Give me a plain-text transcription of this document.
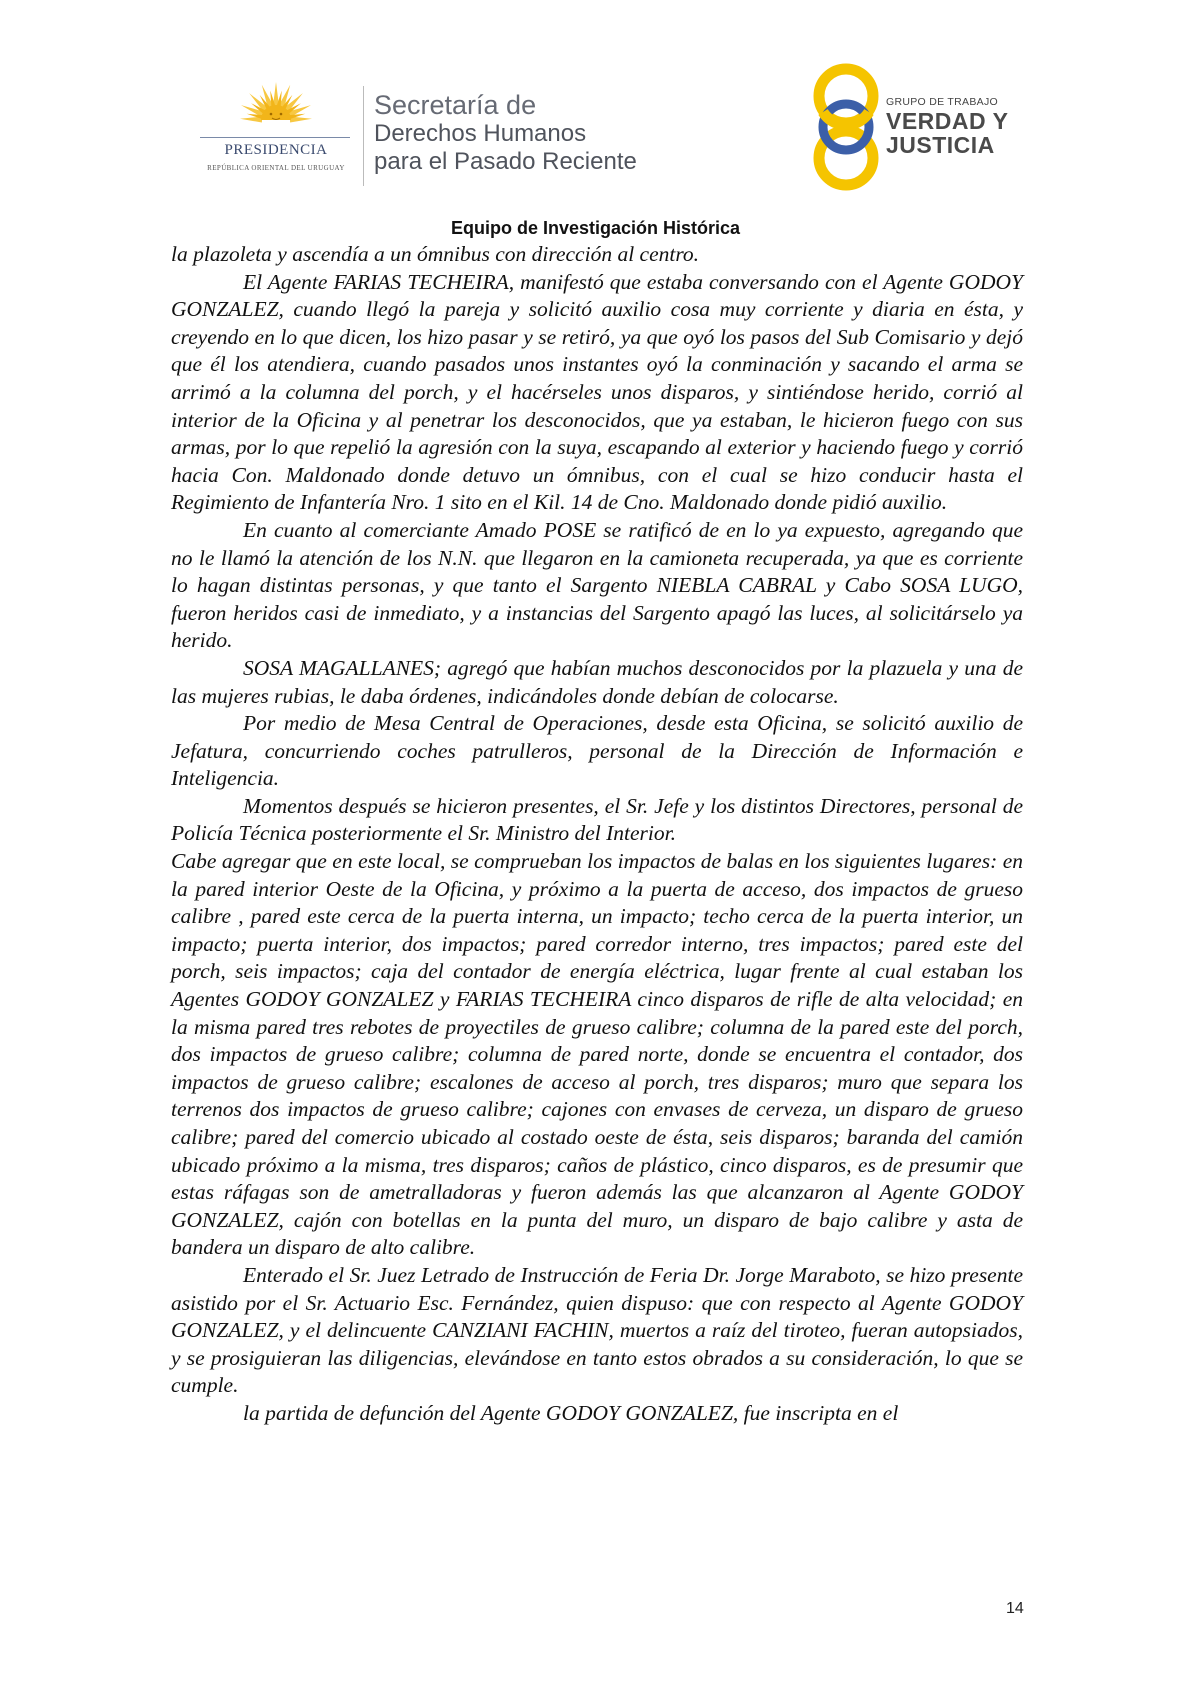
PRESIDENCIA
REPÚBLICA ORIENTAL DEL URUGUAY
Secretaría de
Derechos Humanos
para el Pasado Reciente
GRUPO DE TRABAJO
VERDAD Y
JUSTICIA
Equipo de Investigación Histórica

la plazoleta y ascendía a un ómnibus con dirección al centro.

El Agente FARIAS TECHEIRA, manifestó que estaba conversando con el Agente GODOY GONZALEZ, cuando llegó la pareja y solicitó auxilio cosa muy corriente y diaria en ésta, y creyendo en lo que dicen, los hizo pasar y se retiró, ya que oyó los pasos del Sub Comisario y dejó que él los atendiera, cuando pasados unos instantes oyó la conminación y sacando el arma se arrimó a la columna del porch, y el hacérseles unos disparos, y sintiéndose herido, corrió al interior de la Oficina y al penetrar los desconocidos, que ya estaban, le hicieron fuego con sus armas, por lo que repelió la agresión con la suya, escapando al exterior y haciendo fuego y corrió hacia Con. Maldonado donde detuvo un ómnibus, con el cual se hizo conducir hasta el Regimiento de Infantería Nro. 1 sito en el Kil. 14 de Cno. Maldonado donde pidió auxilio.

En cuanto al comerciante Amado POSE se ratificó de en lo ya expuesto, agregando que no le llamó la atención de los N.N. que llegaron en la camioneta recuperada, ya que es corriente lo hagan distintas personas, y que tanto el Sargento NIEBLA CABRAL y Cabo SOSA LUGO, fueron heridos casi de inmediato, y a instancias del Sargento apagó las luces, al solicitárselo ya herido.

SOSA MAGALLANES; agregó que habían muchos desconocidos por la plazuela y una de las mujeres rubias, le daba órdenes, indicándoles donde debían de colocarse.

Por medio de Mesa Central de Operaciones, desde esta Oficina, se solicitó auxilio de Jefatura, concurriendo coches patrulleros, personal de la Dirección de Información e Inteligencia.

Momentos después se hicieron presentes, el Sr. Jefe y los distintos Directores, personal de Policía Técnica posteriormente el Sr. Ministro del Interior.

Cabe agregar que en este local, se comprueban los impactos de balas en los siguientes lugares: en la pared interior Oeste de la Oficina, y próximo a la puerta de acceso, dos impactos de grueso calibre , pared este cerca de la puerta interna, un impacto; techo cerca de la puerta interior, un impacto; puerta interior, dos impactos; pared corredor interno, tres impactos; pared este del porch, seis impactos; caja del contador de energía eléctrica, lugar frente al cual estaban los Agentes GODOY GONZALEZ y FARIAS TECHEIRA cinco disparos de rifle de alta velocidad; en la misma pared tres rebotes de proyectiles de grueso calibre; columna de la pared este del porch, dos impactos de grueso calibre; columna de pared norte, donde se encuentra el contador, dos impactos de grueso calibre; escalones de acceso al porch, tres disparos; muro que separa los terrenos dos impactos de grueso calibre; cajones con envases de cerveza, un disparo de grueso calibre; pared del comercio ubicado al costado oeste de ésta, seis disparos; baranda del camión ubicado próximo a la misma, tres disparos; caños de plástico, cinco disparos, es de presumir que estas ráfagas son de ametralladoras y fueron además las que alcanzaron al Agente GODOY GONZALEZ, cajón con botellas en la punta del muro, un disparo de bajo calibre y asta de bandera un disparo de alto calibre.

Enterado el Sr. Juez Letrado de Instrucción de Feria Dr. Jorge Maraboto, se hizo presente asistido por el Sr. Actuario Esc. Fernández, quien dispuso: que con respecto al Agente GODOY GONZALEZ, y el delincuente CANZIANI FACHIN, muertos a raíz del tiroteo, fueran autopsiados, y se prosiguieran las diligencias, elevándose en tanto estos obrados a su consideración, lo que se cumple.

la partida de defunción del Agente GODOY GONZALEZ, fue inscripta en el

14
